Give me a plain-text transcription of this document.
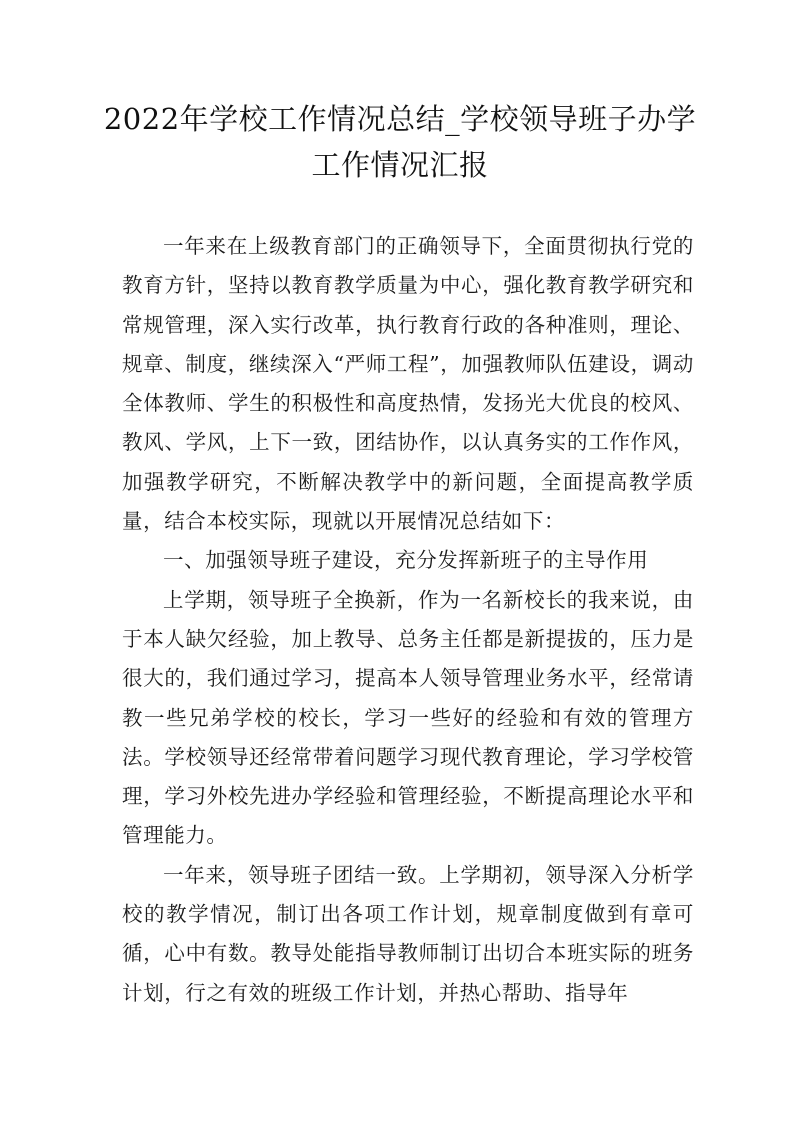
2022年学校工作情况总结_学校领导班子办学工作情况汇报

一年来在上级教育部门的正确领导下，全面贯彻执行党的教育方针，坚持以教育教学质量为中心，强化教育教学研究和常规管理，深入实行改革，执行教育行政的各种准则，理论、规章、制度，继续深入“严师工程”，加强教师队伍建设，调动全体教师、学生的积极性和高度热情，发扬光大优良的校风、教风、学风，上下一致，团结协作，以认真务实的工作作风，加强教学研究，不断解决教学中的新问题，全面提高教学质量，结合本校实际，现就以开展情况总结如下：

一、加强领导班子建设，充分发挥新班子的主导作用

上学期，领导班子全换新，作为一名新校长的我来说，由于本人缺欠经验，加上教导、总务主任都是新提拔的，压力是很大的，我们通过学习，提高本人领导管理业务水平，经常请教一些兄弟学校的校长，学习一些好的经验和有效的管理方法。学校领导还经常带着问题学习现代教育理论，学习学校管理，学习外校先进办学经验和管理经验，不断提高理论水平和管理能力。

一年来，领导班子团结一致。上学期初，领导深入分析学校的教学情况，制订出各项工作计划，规章制度做到有章可循，心中有数。教导处能指导教师制订出切合本班实际的班务计划，行之有效的班级工作计划，并热心帮助、指导年
